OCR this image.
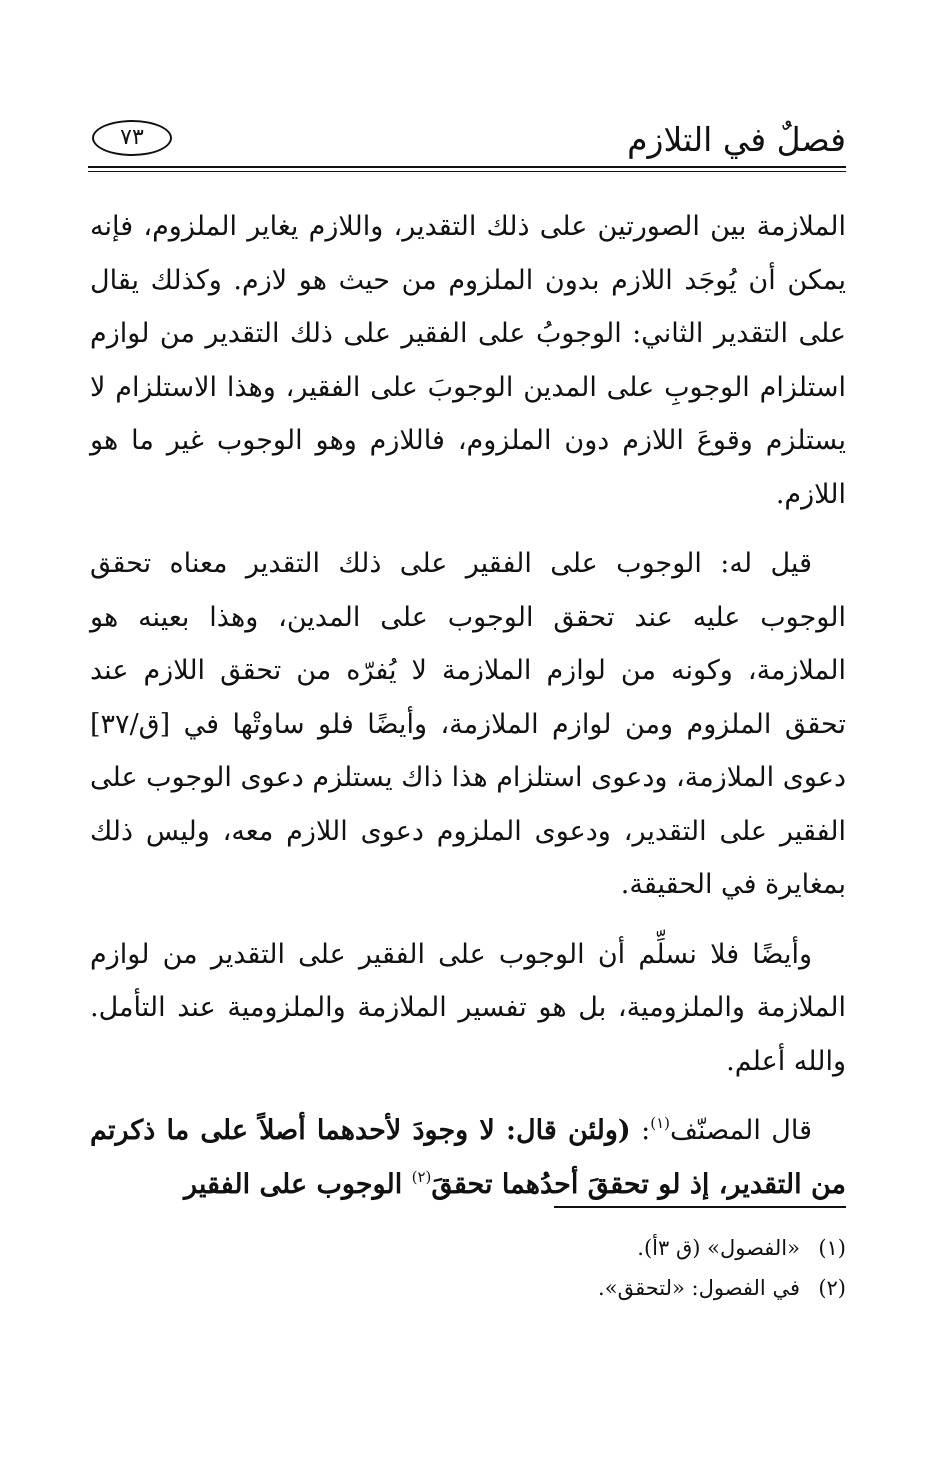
فصلٌ في التلازم
٧٣

الملازمة بين الصورتين على ذلك التقدير، واللازم يغاير الملزوم، فإنه يمكن أن يُوجَد اللازم بدون الملزوم من حيث هو لازم. وكذلك يقال على التقدير الثاني: الوجوبُ على الفقير على ذلك التقدير من لوازم استلزام الوجوبِ على المدين الوجوبَ على الفقير، وهذا الاستلزام لا يستلزم وقوعَ اللازم دون الملزوم، فاللازم وهو الوجوب غير ما هو اللازم.

قيل له: الوجوب على الفقير على ذلك التقدير معناه تحقق الوجوب عليه عند تحقق الوجوب على المدين، وهذا بعينه هو الملازمة، وكونه من لوازم الملازمة لا يُفرّه من تحقق اللازم عند تحقق الملزوم ومن لوازم الملازمة، وأيضًا فلو ساوتْها في [ق/٣٧] دعوى الملازمة، ودعوى استلزام هذا ذاك يستلزم دعوى الوجوب على الفقير على التقدير، ودعوى الملزوم دعوى اللازم معه، وليس ذلك بمغايرة في الحقيقة.

وأيضًا فلا نسلِّم أن الوجوب على الفقير على التقدير من لوازم الملازمة والملزومية، بل هو تفسير الملازمة والملزومية عند التأمل. والله أعلم.

قال المصنّف$^{(١)}$: (ولئن قال: لا وجودَ لأحدهما أصلاً على ما ذكرتم من التقدير، إذ لو تحققَ أحدُهما تحققَ$^{(٢)}$ الوجوب على الفقير

(١)«الفصول» (ق ٣أ).
(٢)في الفصول: «لتحقق».
